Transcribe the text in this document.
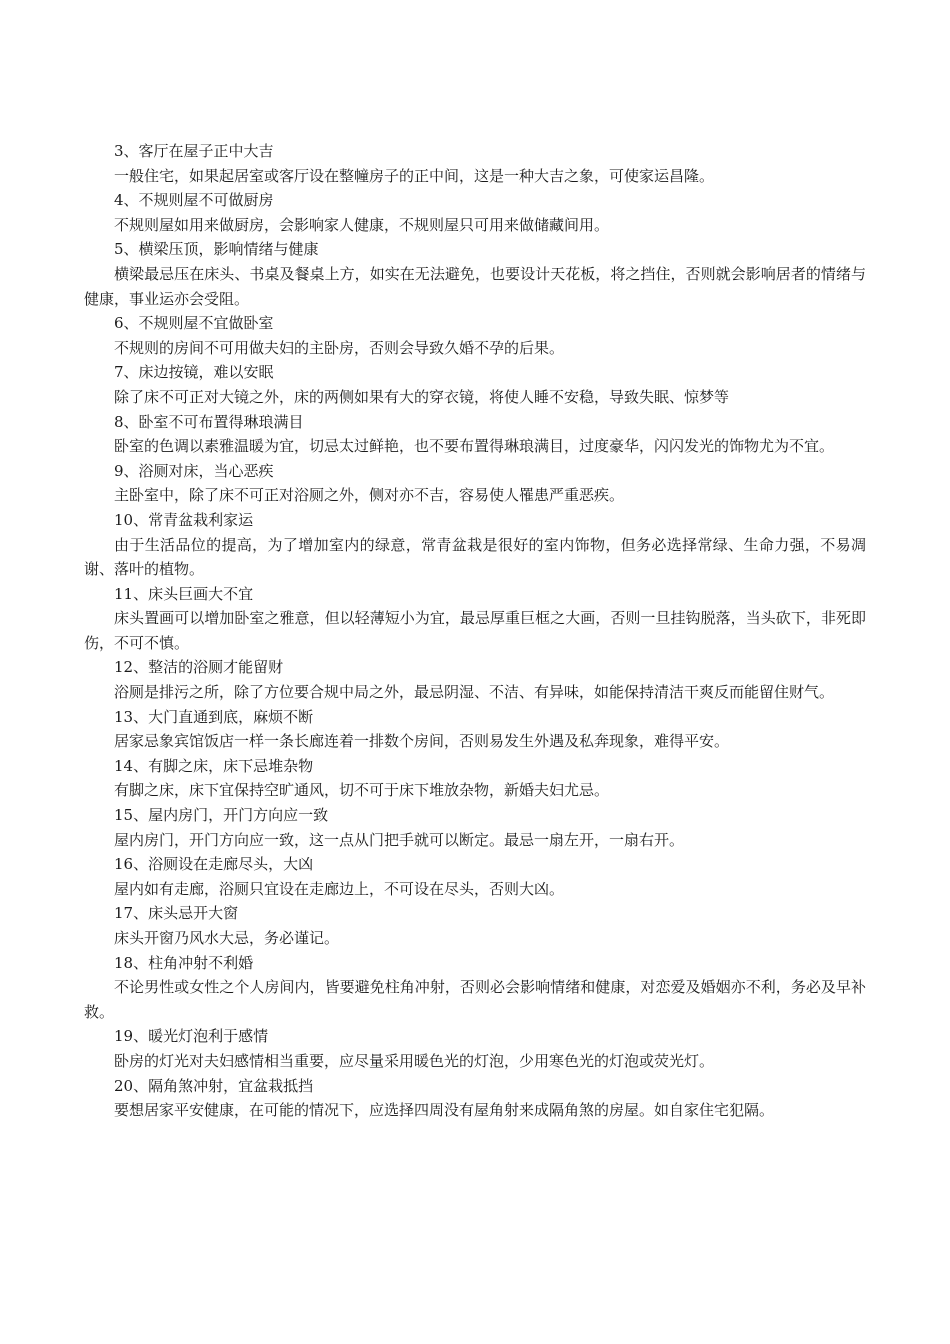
3、客厅在屋子正中大吉

一般住宅，如果起居室或客厅设在整幢房子的正中间，这是一种大吉之象，可使家运昌隆。

4、不规则屋不可做厨房

不规则屋如用来做厨房，会影响家人健康，不规则屋只可用来做储藏间用。

5、横梁压顶，影响情绪与健康

横梁最忌压在床头、书桌及餐桌上方，如实在无法避免，也要设计天花板，将之挡住，否则就会影响居者的情绪与健康，事业运亦会受阻。

6、不规则屋不宜做卧室

不规则的房间不可用做夫妇的主卧房，否则会导致久婚不孕的后果。

7、床边按镜，难以安眠

除了床不可正对大镜之外，床的两侧如果有大的穿衣镜，将使人睡不安稳，导致失眠、惊梦等

8、卧室不可布置得琳琅满目

卧室的色调以素雅温暖为宜，切忌太过鲜艳，也不要布置得琳琅满目，过度豪华，闪闪发光的饰物尤为不宜。

9、浴厕对床，当心恶疾

主卧室中，除了床不可正对浴厕之外，侧对亦不吉，容易使人罹患严重恶疾。

10、常青盆栽利家运

由于生活品位的提高，为了增加室内的绿意，常青盆栽是很好的室内饰物，但务必选择常绿、生命力强，不易凋谢、落叶的植物。

11、床头巨画大不宜

床头置画可以增加卧室之雅意，但以轻薄短小为宜，最忌厚重巨框之大画，否则一旦挂钩脱落，当头砍下，非死即伤，不可不慎。

12、整洁的浴厕才能留财

浴厕是排污之所，除了方位要合规中局之外，最忌阴湿、不洁、有异味，如能保持清洁干爽反而能留住财气。

13、大门直通到底，麻烦不断

居家忌象宾馆饭店一样一条长廊连着一排数个房间，否则易发生外遇及私奔现象，难得平安。

14、有脚之床，床下忌堆杂物

有脚之床，床下宜保持空旷通风，切不可于床下堆放杂物，新婚夫妇尤忌。

15、屋内房门，开门方向应一致

屋内房门，开门方向应一致，这一点从门把手就可以断定。最忌一扇左开，一扇右开。

16、浴厕设在走廊尽头，大凶

屋内如有走廊，浴厕只宜设在走廊边上，不可设在尽头，否则大凶。

17、床头忌开大窗

床头开窗乃风水大忌，务必谨记。

18、柱角冲射不利婚

不论男性或女性之个人房间内，皆要避免柱角冲射，否则必会影响情绪和健康，对恋爱及婚姻亦不利，务必及早补救。

19、暖光灯泡利于感情

卧房的灯光对夫妇感情相当重要，应尽量采用暖色光的灯泡，少用寒色光的灯泡或荧光灯。

20、隔角煞冲射，宜盆栽抵挡

要想居家平安健康，在可能的情况下，应选择四周没有屋角射来成隔角煞的房屋。如自家住宅犯隔。
